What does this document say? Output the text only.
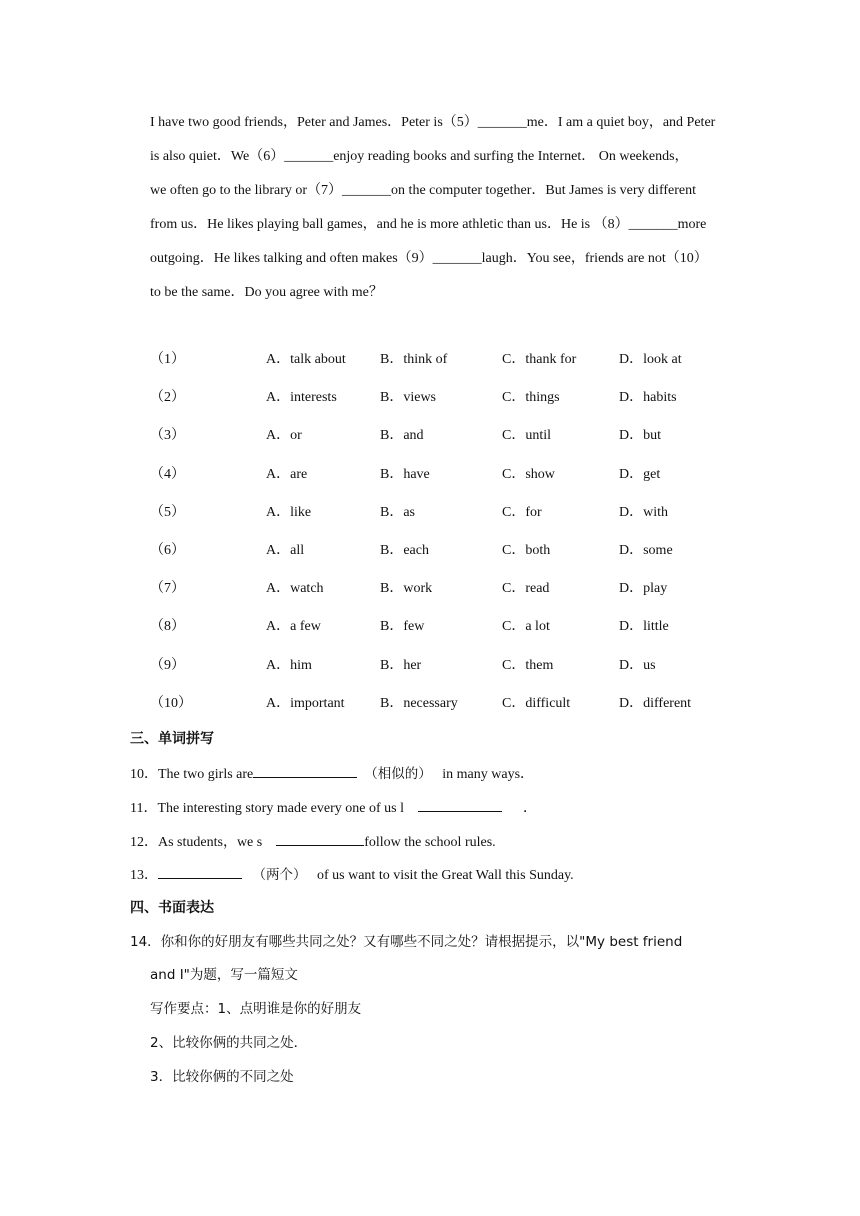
I have two good friends，Peter and James．Peter is（5）_______me．I am a quiet boy，and Peter
is also quiet．We（6）_______enjoy reading books and surfing the Internet． On weekends，
we often go to the library or（7）_______on the computer together．But James is very different
from us．He likes playing ball games，and he is more athletic than us．He is （8）_______more
outgoing．He likes talking and often makes（9）_______laugh．You see，friends are not（10）
to be the same．Do you agree with me？
（1）	A．talk about B．think of	C．thank for	D．look at
（2）	A．interests	B．views	C．things	D．habits
（3）	A．or	B．and	C．until	D．but
（4）	A．are	B．have	C．show	D．get
（5）	A．like	B．as	C．for	D．with
（6）	A．all	B．each	C．both	D．some
（7）	A．watch	B．work	C．read	D．play
（8）	A．a few	B．few	C．a lot	D．little
（9）	A．him	B．her	C．them	D．us
（10）	A．important	B．necessary	C．difficult	D．different
三、单词拼写
10．The two girls are	（相似的）   in many ways．
11．The interesting story made every one of us l	．
12．As students，we s	follow the school rules.
13．	（两个）   of us want to visit the Great Wall this Sunday.
四、书面表达
14．你和你的好朋友有哪些共同之处？又有哪些不同之处？请根据提示，以"My best friend
and I"为题，写一篇短文
写作要点：1、点明谁是你的好朋友
2、比较你俩的共同之处．
3．比较你俩的不同之处
